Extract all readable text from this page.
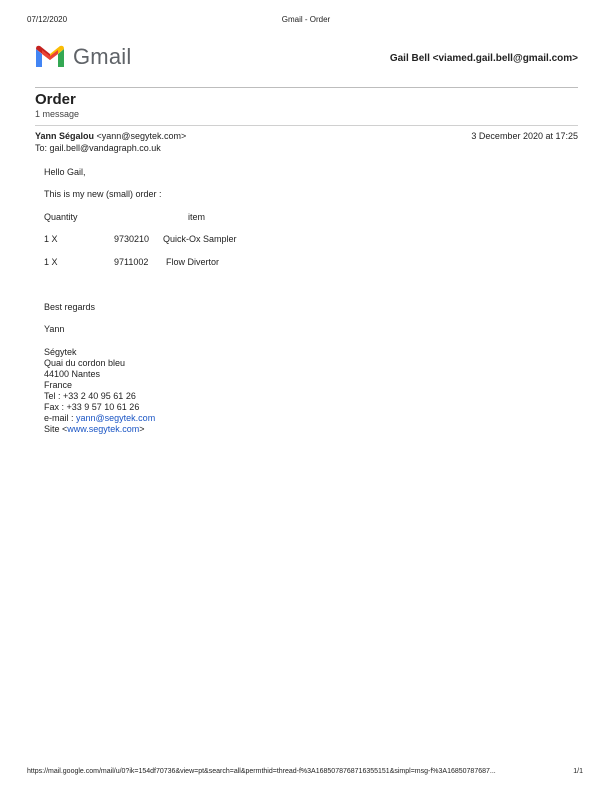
07/12/2020	Gmail - Order
Gmail	Gail Bell <viamed.gail.bell@gmail.com>
Order
1 message
Yann Ségalou <yann@segytek.com>	3 December 2020 at 17:25
To: gail.bell@vandagraph.co.uk
Hello Gail,
This is my new (small) order :
Quantity	item
1 X	9730210 Quick-Ox Sampler
1 X	9711002 Flow Divertor
Best regards
Yann
Ségytek
Quai du cordon bleu
44100 Nantes
France
Tel : +33 2 40 95 61 26
Fax : +33 9 57 10 61 26
e-mail : yann@segytek.com
Site <www.segytek.com>
https://mail.google.com/mail/u/0?ik=154df70736&view=pt&search=all&permthid=thread-f%3A1685078768716355151&simpl=msg-f%3A16850787687...	1/1
